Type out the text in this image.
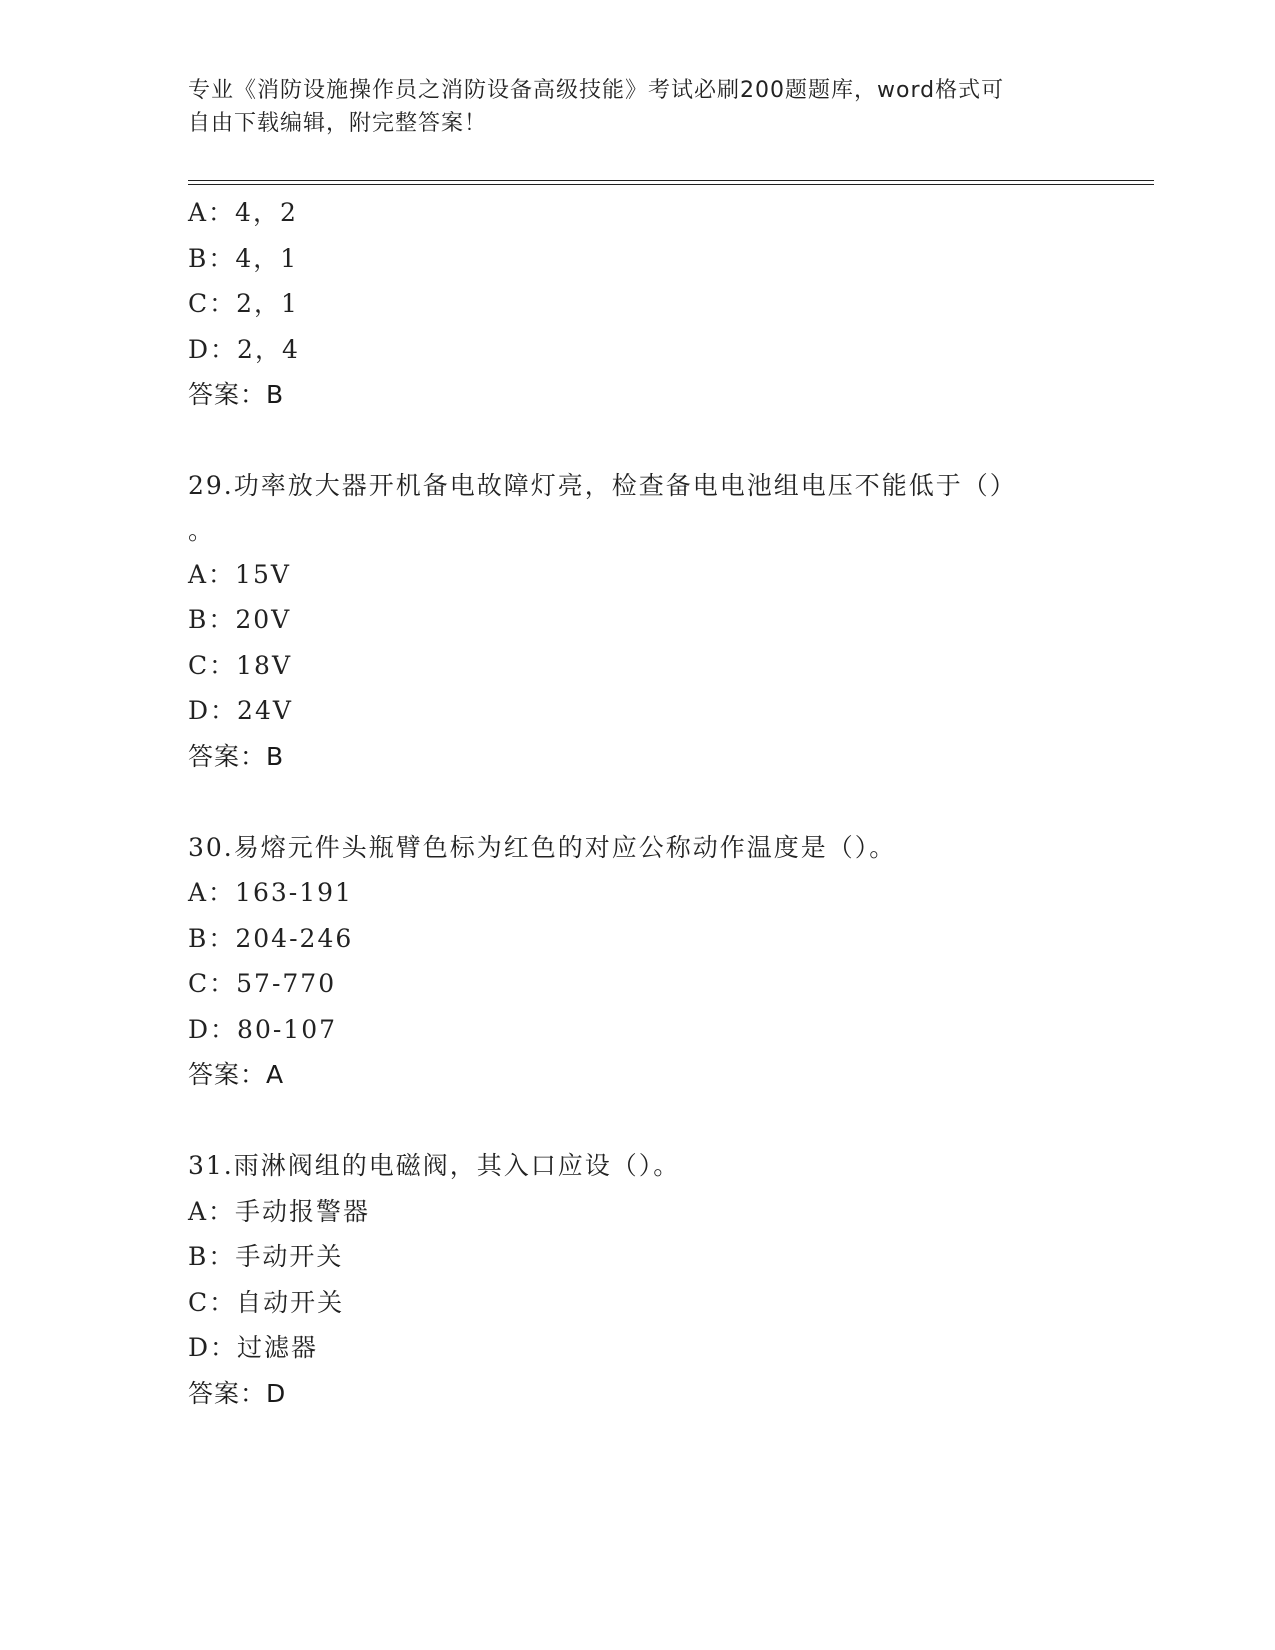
专业《消防设施操作员之消防设备高级技能》考试必刷200题题库，word格式可
自由下载编辑，附完整答案！
A：4，2
B：4，1
C：2，1
D：2，4
答案：B
29.功率放大器开机备电故障灯亮，检查备电电池组电压不能低于（）
。
A：15V
B：20V
C：18V
D：24V
答案：B
30.易熔元件头瓶臂色标为红色的对应公称动作温度是（）。
A：163-191
B：204-246
C：57-770
D：80-107
答案：A
31.雨淋阀组的电磁阀，其入口应设（）。
A：手动报警器
B：手动开关
C：自动开关
D：过滤器
答案：D
